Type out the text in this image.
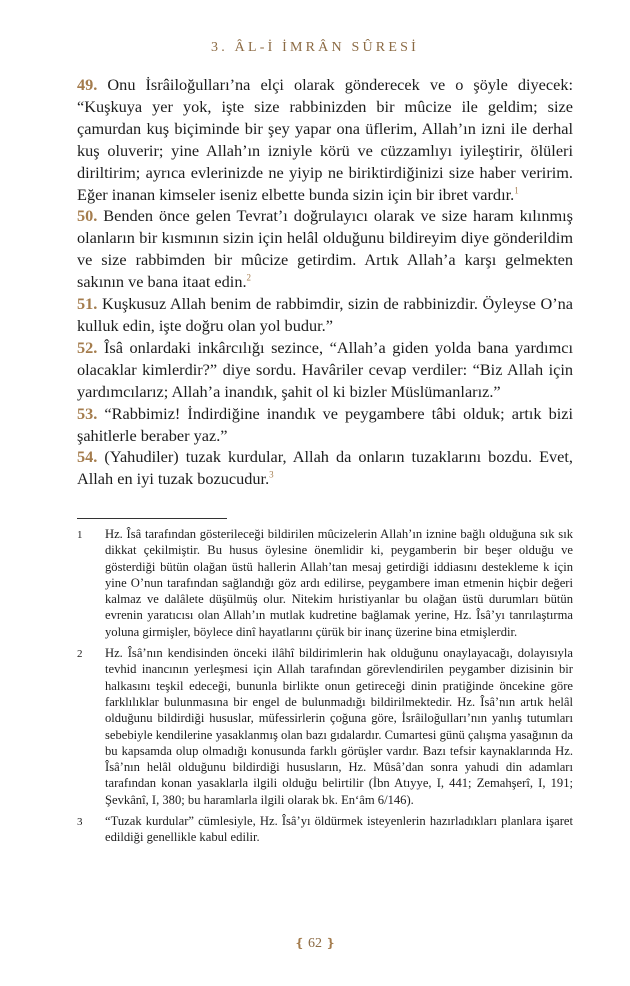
3. ÂL-İ İMRÂN SÛRESİ

49. Onu İsrâiloğulları’na elçi olarak gönderecek ve o şöyle diyecek: “Kuşkuya yer yok, işte size rabbinizden bir mûcize ile geldim; size çamurdan kuş biçiminde bir şey yapar ona üflerim, Allah’ın izni ile derhal kuş oluverir; yine Allah’ın izniyle körü ve cüzzamlıyı iyileştirir, ölüleri diriltirim; ayrıca evlerinizde ne yiyip ne biriktirdiğinizi size haber veririm. Eğer inanan kimseler iseniz elbette bunda sizin için bir ibret vardır.$^1$

50. Benden önce gelen Tevrat’ı doğrulayıcı olarak ve size haram kılınmış olanların bir kısmının sizin için helâl olduğunu bildireyim diye gönderildim ve size rabbimden bir mûcize getirdim. Artık Allah’a karşı gelmekten sakının ve bana itaat edin.$^2$

51. Kuşkusuz Allah benim de rabbimdir, sizin de rabbinizdir. Öyleyse O’na kulluk edin, işte doğru olan yol budur.”

52. Îsâ onlardaki inkârcılığı sezince, “Allah’a giden yolda bana yardımcı olacaklar kimlerdir?” diye sordu. Havâriler cevap verdiler: “Biz Allah için yardımcılarız; Allah’a inandık, şahit ol ki bizler Müslümanlarız.”

53. “Rabbimiz! İndirdiğine inandık ve peygambere tâbi olduk; artık bizi şahitlerle beraber yaz.”

54. (Yahudiler) tuzak kurdular, Allah da onların tuzaklarını bozdu. Evet, Allah en iyi tuzak bozucudur.$^3$

1	Hz. Îsâ tarafından gösterileceği bildirilen mûcizelerin Allah’ın iznine bağlı olduğuna sık sık dikkat çekilmiştir. Bu husus öylesine önemlidir ki, peygamberin bir beşer olduğu ve gösterdiği bütün olağan üstü hallerin Allah’tan mesaj getirdiği iddiasını destekleme k için yine O’nun tarafından sağlandığı göz ardı edilirse, peygambere iman etmenin hiçbir değeri kalmaz ve dalâlete düşülmüş olur. Nitekim hıristiyanlar bu olağan üstü durumları bütün evrenin yaratıcısı olan Allah’ın mutlak kudretine bağlamak yerine, Hz. Îsâ’yı tanrılaştırma yoluna girmişler, böylece dinî hayatlarını çürük bir inanç üzerine bina etmişlerdir.
2	Hz. Îsâ’nın kendisinden önceki ilâhî bildirimlerin hak olduğunu onaylayacağı, dolayısıyla tevhid inancının yerleşmesi için Allah tarafından görevlendirilen peygamber dizisinin bir halkasını teşkil edeceği, bununla birlikte onun getireceği dinin pratiğinde öncekine göre farklılıklar bulunmasına bir engel de bulunmadığı bildirilmektedir. Hz. Îsâ’nın artık helâl olduğunu bildirdiği hususlar, müfessirlerin çoğuna göre, İsrâiloğulları’nın yanlış tutumları sebebiyle kendilerine yasaklanmış olan bazı gıdalardır. Cumartesi günü çalışma yasağının da bu kapsamda olup olmadığı konusunda farklı görüşler vardır. Bazı tefsir kaynaklarında Hz. Îsâ’nın helâl olduğunu bildirdiği hususların, Hz. Mûsâ’dan sonra yahudi din adamları tarafından konan yasaklarla ilgili olduğu belirtilir (İbn Atıyye, I, 441; Zemahşerî, I, 191; Şevkânî, I, 380; bu haramlarla ilgili olarak bk. En‘âm 6/146).
3	“Tuzak kurdular” cümlesiyle, Hz. Îsâ’yı öldürmek isteyenlerin hazırladıkları planlara işaret edildiği genellikle kabul edilir.
❴ 62 ❵
